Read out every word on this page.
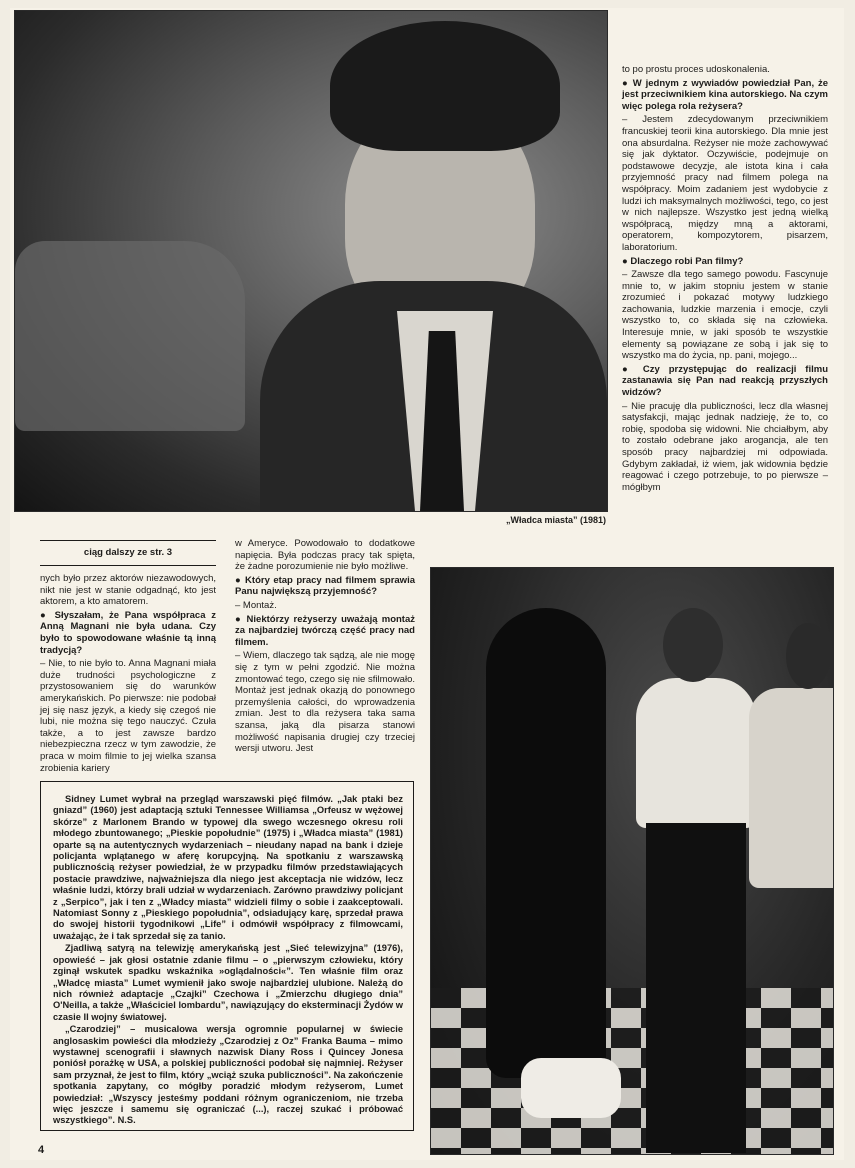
„Władca miasta” (1981)

to po prostu proces udoskonalenia.

● W jednym z wywiadów powiedział Pan, że jest przeciwnikiem kina autorskiego. Na czym więc polega rola reżysera?

– Jestem zdecydowanym przeciwnikiem francuskiej teorii kina autorskiego. Dla mnie jest ona absurdalna. Reżyser nie może zachowywać się jak dyktator. Oczywiście, podejmuje on podstawowe decyzje, ale istota kina i cała przyjemność pracy nad filmem polega na współpracy. Moim zadaniem jest wydobycie z ludzi ich maksymalnych możliwości, tego, co jest w nich najlepsze. Wszystko jest jedną wielką współpracą, między mną a aktorami, operatorem, kompozytorem, pisarzem, laboratorium.

● Dlaczego robi Pan filmy?

– Zawsze dla tego samego powodu. Fascynuje mnie to, w jakim stopniu jestem w stanie zrozumieć i pokazać motywy ludzkiego zachowania, ludzkie marzenia i emocje, czyli wszystko to, co składa się na człowieka. Interesuje mnie, w jaki sposób te wszystkie elementy są powiązane ze sobą i jak się to wszystko ma do życia, np. pani, mojego...

● Czy przystępując do realizacji filmu zastanawia się Pan nad reakcją przyszłych widzów?

– Nie pracuję dla publiczności, lecz dla własnej satysfakcji, mając jednak nadzieję, że to, co robię, spodoba się widowni. Nie chciałbym, aby to zostało odebrane jako arogancja, ale ten sposób pracy najbardziej mi odpowiada. Gdybym zakładał, iż wiem, jak widownia będzie reagować i czego potrzebuje, to po pierwsze – mógłbym

ciąg dalszy ze str. 3

nych było przez aktorów niezawodowych, nikt nie jest w stanie odgadnąć, kto jest aktorem, a kto amatorem.

● Słyszałam, że Pana współpraca z Anną Magnani nie była udana. Czy było to spowodowane właśnie tą inną tradycją?

– Nie, to nie było to. Anna Magnani miała duże trudności psychologiczne z przystosowaniem się do warunków amerykańskich. Po pierwsze: nie podobał jej się nasz język, a kiedy się czegoś nie lubi, nie można się tego nauczyć. Czuła także, a to jest zawsze bardzo niebezpieczna rzecz w tym zawodzie, że praca w moim filmie to jej wielka szansa zrobienia kariery

w Ameryce. Powodowało to dodatkowe napięcia. Była podczas pracy tak spięta, że żadne porozumienie nie było możliwe.

● Który etap pracy nad filmem sprawia Panu największą przyjemność?

– Montaż.

● Niektórzy reżyserzy uważają montaż za najbardziej twórczą część pracy nad filmem.

– Wiem, dlaczego tak sądzą, ale nie mogę się z tym w pełni zgodzić. Nie można zmontować tego, czego się nie sfilmowało. Montaż jest jednak okazją do ponownego przemyślenia całości, do wprowadzenia zmian. Jest to dla reżysera taka sama szansa, jaką dla pisarza stanowi możliwość napisania drugiej czy trzeciej wersji utworu. Jest

Sidney Lumet wybrał na przegląd warszawski pięć filmów. „Jak ptaki bez gniazd” (1960) jest adaptacją sztuki Tennessee Williamsa „Orfeusz w wężowej skórze” z Marlonem Brando w typowej dla swego wczesnego okresu roli młodego zbuntowanego; „Pieskie popołudnie” (1975) i „Władca miasta” (1981) oparte są na autentycznych wydarzeniach – nieudany napad na bank i dzieje policjanta wplątanego w aferę korupcyjną. Na spotkaniu z warszawską publicznością reżyser powiedział, że w przypadku filmów przedstawiających postacie prawdziwe, najważniejsza dla niego jest akceptacja nie widzów, lecz właśnie ludzi, którzy brali udział w wydarzeniach. Zarówno prawdziwy policjant z „Serpico”, jak i ten z „Władcy miasta” widzieli filmy o sobie i zaakceptowali. Natomiast Sonny z „Pieskiego popołudnia”, odsiadujący karę, sprzedał prawa do swojej historii tygodnikowi „Life” i odmówił współpracy z filmowcami, uważając, że i tak sprzedał się za tanio.

Zjadliwą satyrą na telewizję amerykańską jest „Sieć telewizyjna” (1976), opowieść – jak głosi ostatnie zdanie filmu – o „pierwszym człowieku, który zginął wskutek spadku wskaźnika »oglądalności«”. Ten właśnie film oraz „Władcę miasta” Lumet wymienił jako swoje najbardziej ulubione. Należą do nich również adaptacje „Czajki” Czechowa i „Zmierzchu długiego dnia” O'Neilla, a także „Właściciel lombardu”, nawiązujący do eksterminacji Żydów w czasie II wojny światowej.

„Czarodziej” – musicalowa wersja ogromnie popularnej w świecie anglosaskim powieści dla młodzieży „Czarodziej z Oz” Franka Bauma – mimo wystawnej scenografii i sławnych nazwisk Diany Ross i Quincey Jonesa poniósł porażkę w USA, a polskiej publiczności podobał się najmniej. Reżyser sam przyznał, że jest to film, który „wciąż szuka publiczności”. Na zakończenie spotkania zapytany, co mógłby poradzić młodym reżyserom, Lumet powiedział: „Wszyscy jesteśmy poddani różnym ograniczeniom, nie trzeba więc jeszcze i samemu się ograniczać (...), raczej szukać i próbować wszystkiego”. N.S.

4
